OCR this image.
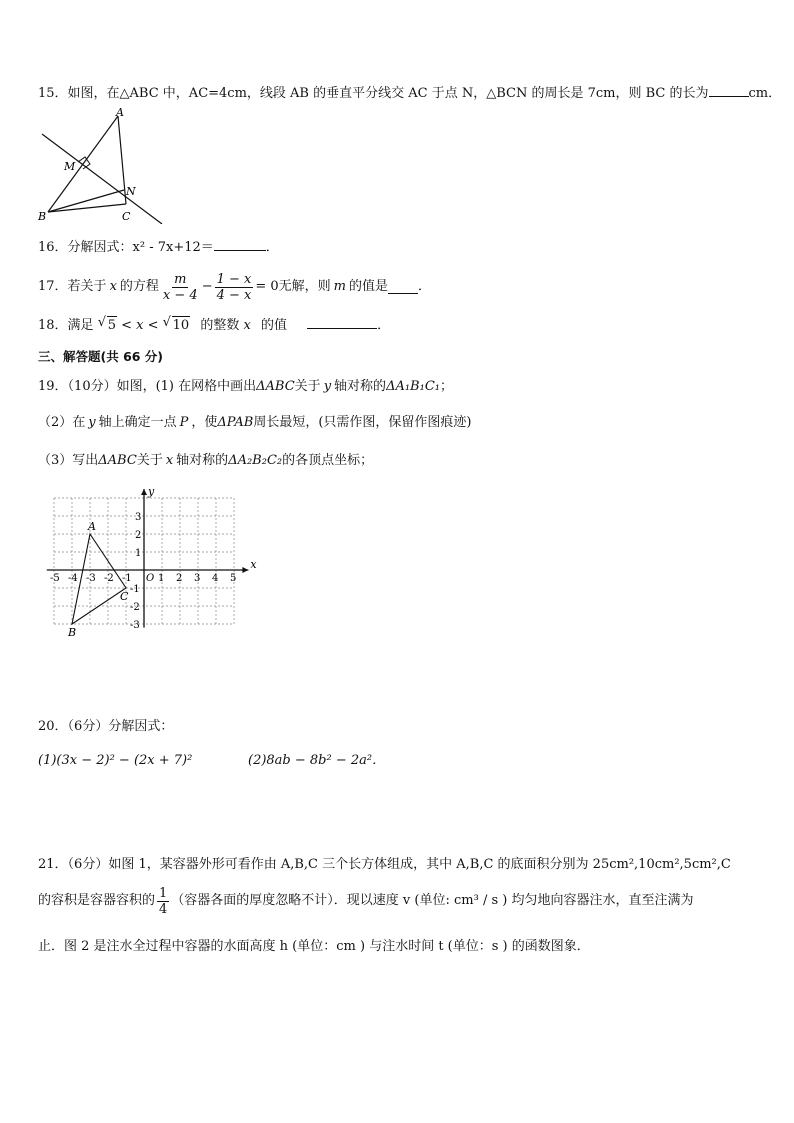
15．如图，在△ABC 中，AC=4cm，线段 AB 的垂直平分线交 AC 于点 N，△BCN 的周长是 7cm，则 BC 的长为	cm．
A
M
N
B	C
16．分解因式：x² - 7x+12＝	．
17． 若关于 x 的方程 $\frac{m}{x - 4} - \frac{1 - x}{4 - x} = 0$ 无解，则 m 的值是 ．
18．满足 √ 5 < x < √ 10 的整数 x 的值	．
三、解答题(共 66 分)
19．（10分）如图，(1) 在网格中画出ΔABC关于 y 轴对称的ΔA₁B₁C₁；
（2）在 y 轴上确定一点 P ，使ΔPAB周长最短，(只需作图，保留作图痕迹)
（3）写出ΔABC关于 x 轴对称的ΔA₂B₂C₂的各顶点坐标；
-5 -4 -3 -2 -1	1 2 3 4 5
3
2
1
-1
-2
-3
x
y
O
A
B
C
20．（6分）分解因式：
(1)(3x − 2)² − (2x + 7)²	(2)8ab − 8b² − 2a²．
21．（6分）如图 1，某容器外形可看作由 A,B,C 三个长方体组成，其中 A,B,C 的底面积分别为 25cm²,10cm²,5cm²,C
的容积是容器容积的 $\frac{1}{4}$ （容器各面的厚度忽略不计）．现以速度 v (单位: cm³ / s ) 均匀地向容器注水，直至注满为
止．图 2 是注水全过程中容器的水面高度 h (单位：cm ) 与注水时间 t (单位：s ) 的函数图象．
